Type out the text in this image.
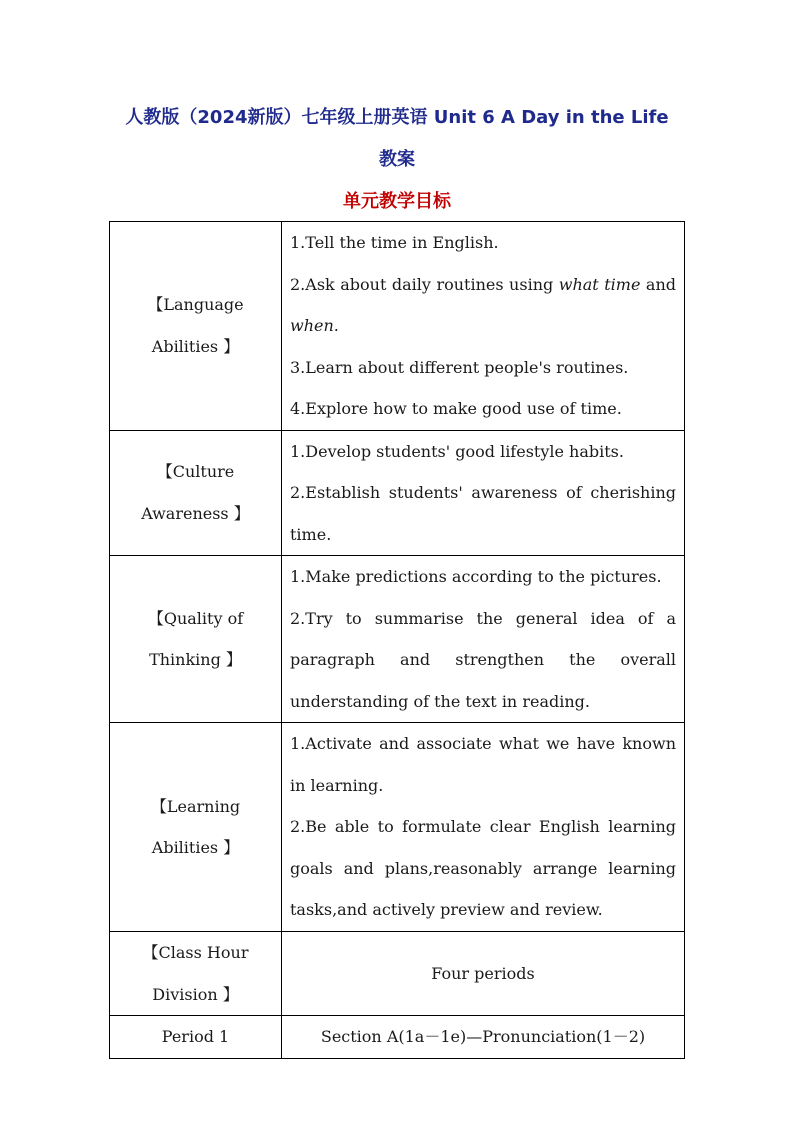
人教版（2024新版）七年级上册英语 Unit 6 A Day in the Life
教案
单元教学目标
【Language Abilities 】	1.Tell the time in English.
2.Ask about daily routines using what time and when.
3.Learn about different people's routines.
4.Explore how to make good use of time.

【Culture Awareness 】	1.Develop students' good lifestyle habits.
2.Establish students' awareness of cherishing time.

【Quality of Thinking 】	1.Make predictions according to the pictures.
2.Try to summarise the general idea of a paragraph and strengthen the overall understanding of the text in reading.

【Learning Abilities 】	1.Activate and associate what we have known in learning.
2.Be able to formulate clear English learning goals and plans,reasonably arrange learning tasks,and actively preview and review.

【Class Hour Division 】	Four periods
Period 1	Section A(1a－1e)—Pronunciation(1－2)
